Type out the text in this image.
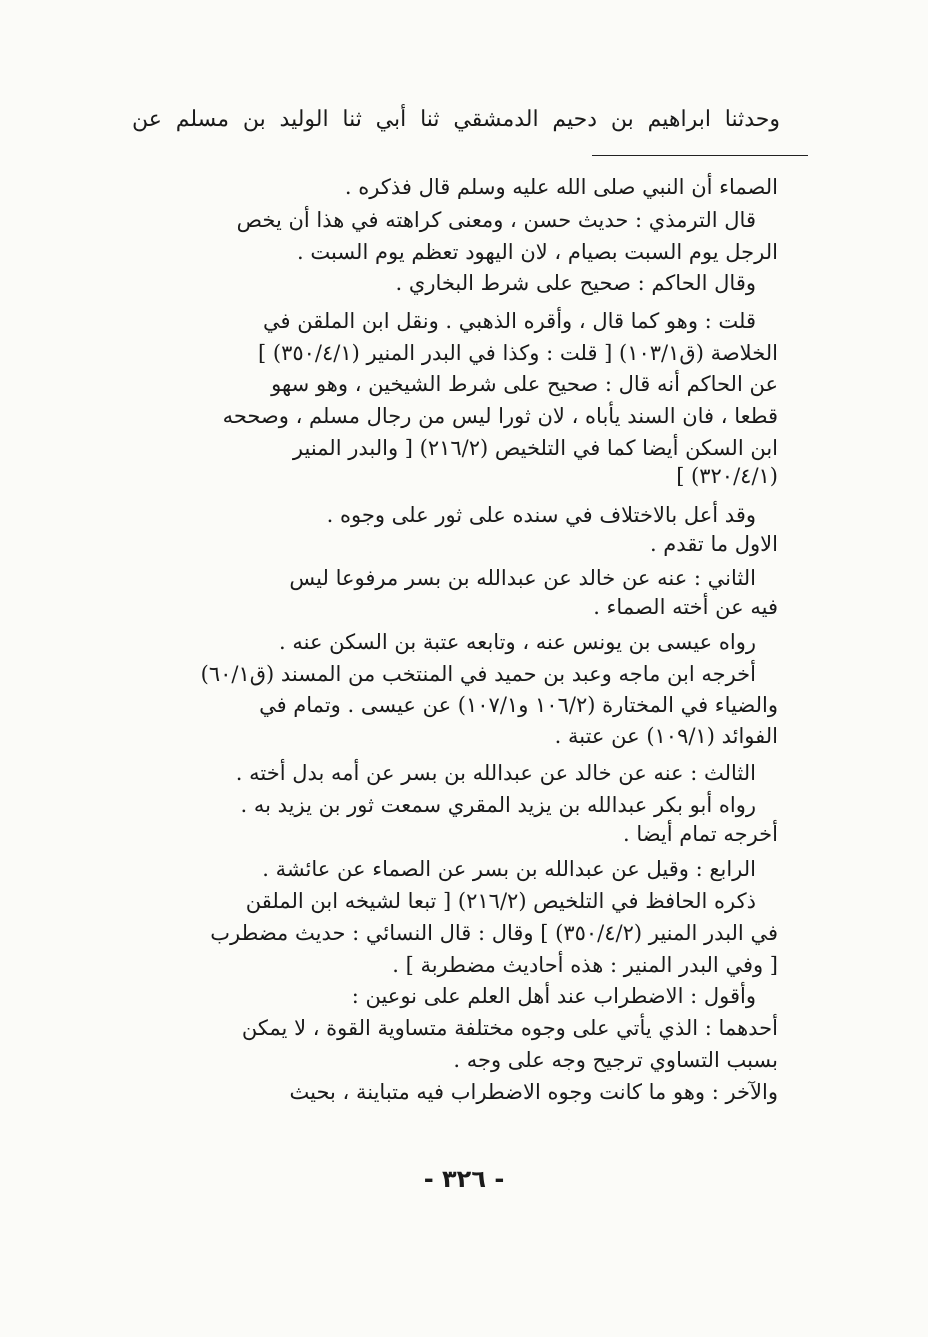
وحدثنا ابراهيم بن دحيم الدمشقي ثنا أبي ثنا الوليد بن مسلم عن
الصماء أن النبي صلى الله عليه وسلم قال فذكره .
قال الترمذي : حديث حسن ، ومعنى كراهته في هذا أن يخص
الرجل يوم السبت بصيام ، لان اليهود تعظم يوم السبت .
وقال الحاكم : صحيح على شرط البخاري .
قلت : وهو كما قال ، وأقره الذهبي . ونقل ابن الملقن في
الخلاصة (ق١٠٣/١) [ قلت : وكذا في البدر المنير (٣٥٠/٤/١) ]
عن الحاكم أنه قال : صحيح على شرط الشيخين ، وهو سهو
قطعا ، فان السند يأباه ، لان ثورا ليس من رجال مسلم ، وصححه
ابن السكن أيضا كما في التلخيص (٢١٦/٢) [ والبدر المنير
(٣٢٠/٤/١) ]
وقد أعل بالاختلاف في سنده على ثور على وجوه .
الاول ما تقدم .
الثاني : عنه عن خالد عن عبدالله بن بسر مرفوعا ليس
فيه عن أخته الصماء .
رواه عيسى بن يونس عنه ، وتابعه عتبة بن السكن عنه .
أخرجه ابن ماجه وعبد بن حميد في المنتخب من المسند (ق٦٠/١)
والضياء في المختارة (١٠٦/٢ و١٠٧/١) عن عيسى . وتمام في
الفوائد (١٠٩/١) عن عتبة .
الثالث : عنه عن خالد عن عبدالله بن بسر عن أمه بدل أخته .
رواه أبو بكر عبدالله بن يزيد المقري سمعت ثور بن يزيد به .
أخرجه تمام أيضا .
الرابع : وقيل عن عبدالله بن بسر عن الصماء عن عائشة .
ذكره الحافظ في التلخيص (٢١٦/٢) [ تبعا لشيخه ابن الملقن
في البدر المنير (٣٥٠/٤/٢) ] وقال : قال النسائي : حديث مضطرب
[ وفي البدر المنير : هذه أحاديث مضطربة ] .
وأقول : الاضطراب عند أهل العلم على نوعين :
أحدهما : الذي يأتي على وجوه مختلفة متساوية القوة ، لا يمكن
بسبب التساوي ترجيح وجه على وجه .
والآخر : وهو ما كانت وجوه الاضطراب فيه متباينة ، بحيث
- ٣٢٦ -
